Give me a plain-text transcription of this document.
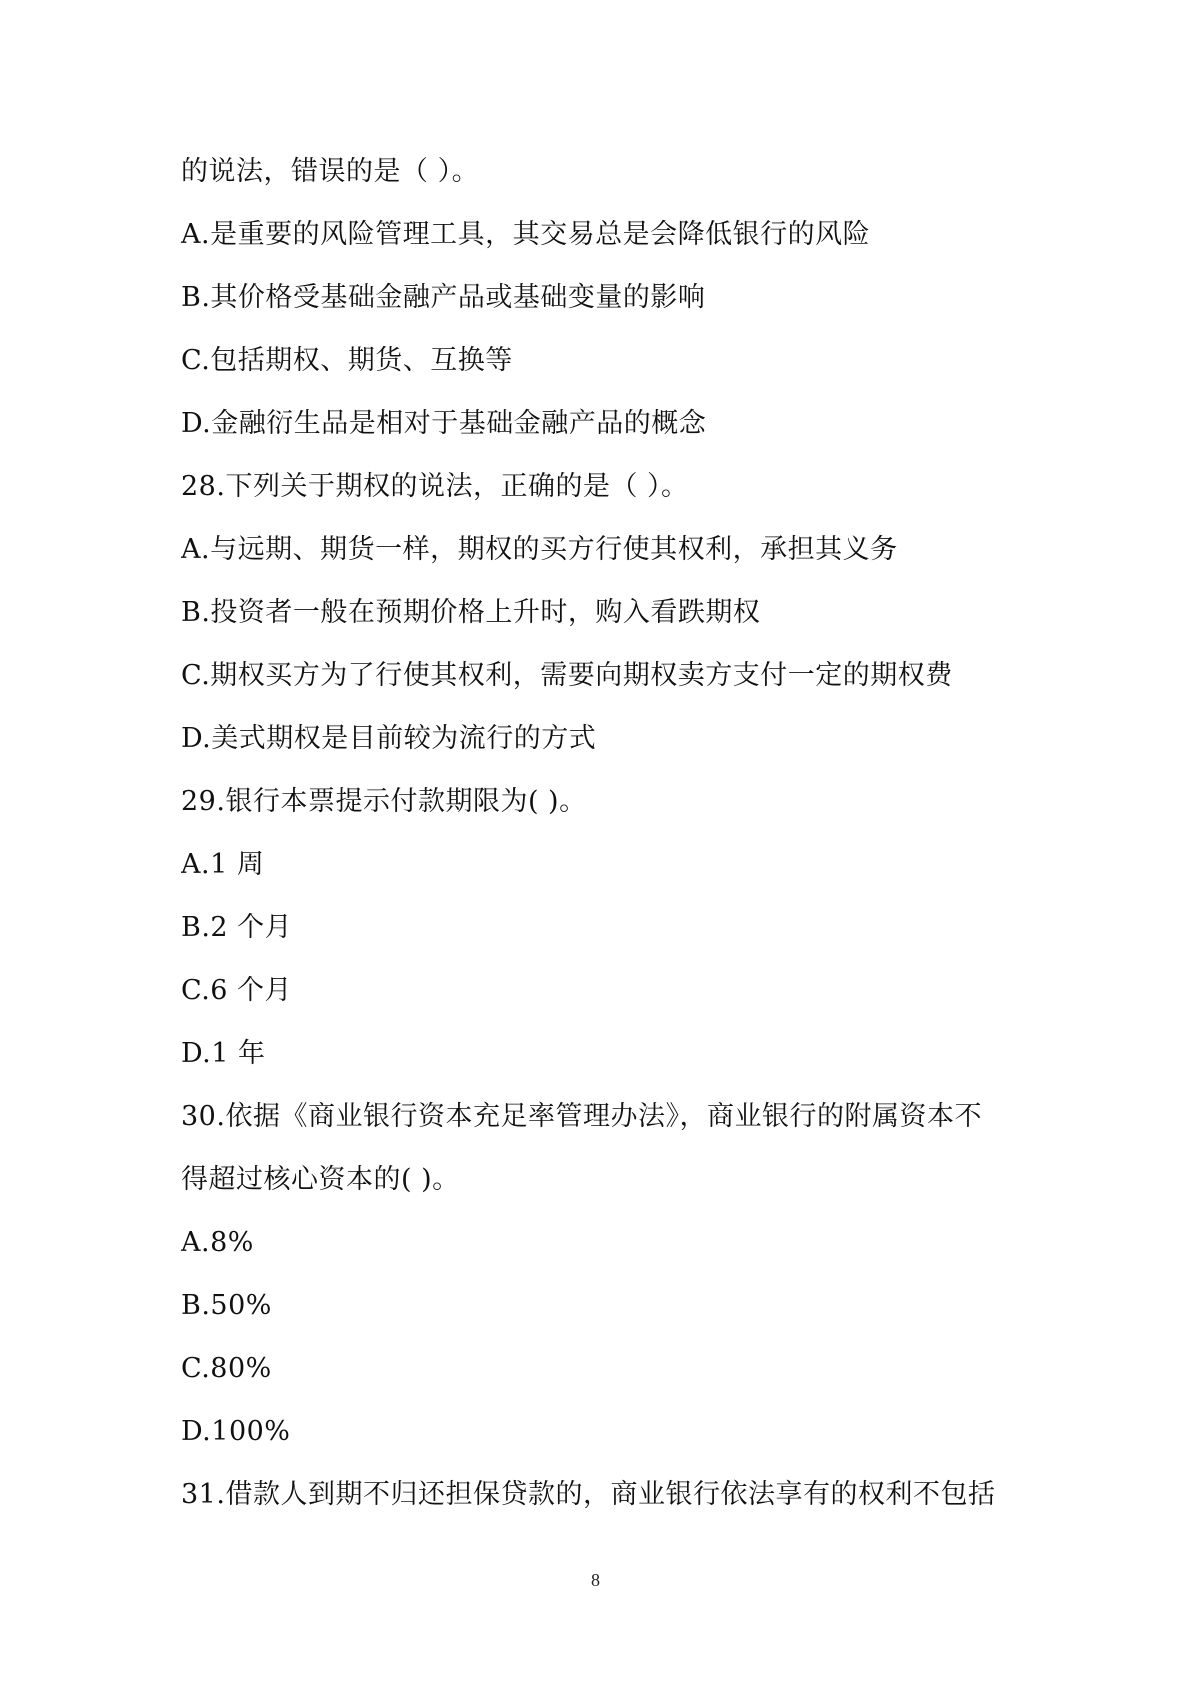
的说法，错误的是（ ）。
A.是重要的风险管理工具，其交易总是会降低银行的风险
B.其价格受基础金融产品或基础变量的影响
C.包括期权、期货、互换等
D.金融衍生品是相对于基础金融产品的概念
28.下列关于期权的说法，正确的是（ ）。
A.与远期、期货一样，期权的买方行使其权利，承担其义务
B.投资者一般在预期价格上升时，购入看跌期权
C.期权买方为了行使其权利，需要向期权卖方支付一定的期权费
D.美式期权是目前较为流行的方式
29.银行本票提示付款期限为( )。
A.1 周
B.2 个月
C.6 个月
D.1 年
30.依据《商业银行资本充足率管理办法》，商业银行的附属资本不
得超过核心资本的( )。
A.8%
B.50%
C.80%
D.100%
31.借款人到期不归还担保贷款的，商业银行依法享有的权利不包括
8
